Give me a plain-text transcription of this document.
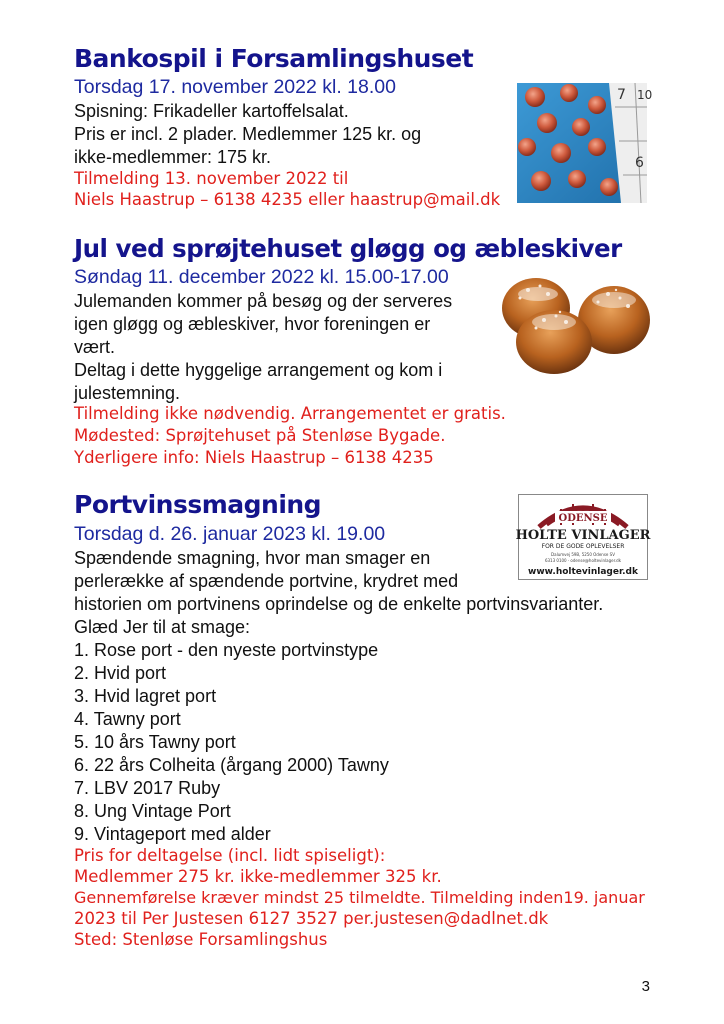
Bankospil i Forsamlingshuset

Torsdag 17. november 2022 kl. 18.00

Spisning: Frikadeller kartoffelsalat.

Pris er incl. 2 plader. Medlemmer 125 kr. og

ikke-medlemmer: 175 kr.

Tilmelding 13. november 2022 til

Niels Haastrup – 6138 4235 eller haastrup@mail.dk

7 10
6
Jul ved sprøjtehuset gløgg og æbleskiver

Søndag 11. december 2022 kl. 15.00-17.00

Julemanden kommer på besøg og der serveres

igen gløgg og æbleskiver, hvor foreningen er

vært.

Deltag i dette hyggelige arrangement og kom i

julestemning.

Tilmelding ikke nødvendig. Arrangementet er gratis.

Mødested: Sprøjtehuset på Stenløse Bygade.

Yderligere info: Niels Haastrup – 6138 4235

Portvinssmagning

Torsdag d. 26. januar 2023 kl. 19.00

Spændende smagning, hvor man smager en

perlerække af spændende portvine, krydret med

historien om portvinens oprindelse og de enkelte portvinsvarianter.

Glæd Jer til at smage:

1. Rose port - den nyeste portvinstype

2. Hvid port

3. Hvid lagret port

4. Tawny port

5. 10 års Tawny port

6. 22 års Colheita (årgang 2000) Tawny

7. LBV 2017 Ruby

8. Ung Vintage Port

9. Vintageport med alder

Pris for deltagelse (incl. lidt spiseligt):

Medlemmer 275 kr. ikke-medlemmer 325 kr.

Gennemførelse kræver mindst 25 tilmeldte. Tilmelding inden19. januar

2023 til Per Justesen 6127 3527 per.justesen@dadlnet.dk

Sted: Stenløse Forsamlingshus

ODENSE
HOLTE VINLAGER
FOR DE GODE OPLEVELSER
Dalumvej 59B, 5250 Odense SV
6313 0100 · odense@holtevinlager.dk
www.holtevinlager.dk
3
